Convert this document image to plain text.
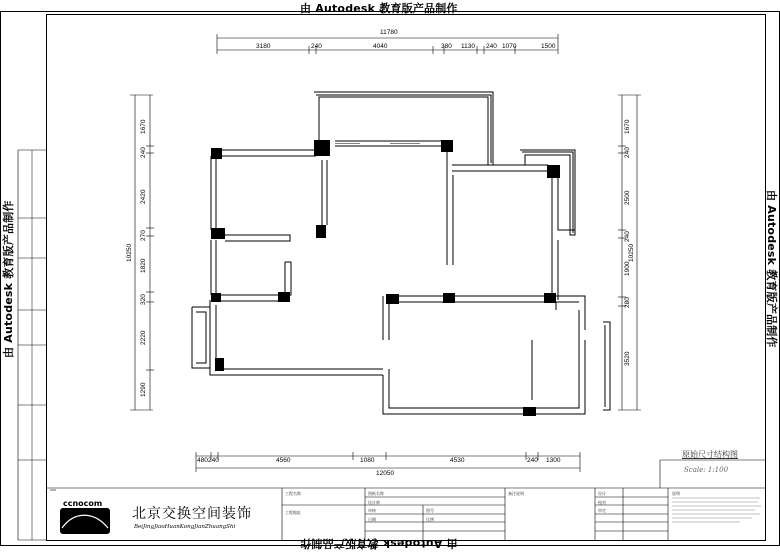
由 Autodesk 教育版产品制作
由 Autodesk 教育版产品制作
由 Autodesk 教育版产品制作	由 Autodesk 教育版产品制作
11780
3180	240	4040	380 1130 240 1070	1500
10250
1670
240
2420
270
1820
320
2220
1290
10250
1670
240
2500
240
1900
280
3520
480 240	4560	1080	4530	240 1300
12050
原始尺寸结构图
Scale: 1:100
北京交换空间装饰
BeiJingJiaoHuanKongJianZhuangShi
ccnocom
工程名称
工程地址
图纸名称
设计师
审核
日期
图号
比例
备注说明	设计
校对
审定
说明
